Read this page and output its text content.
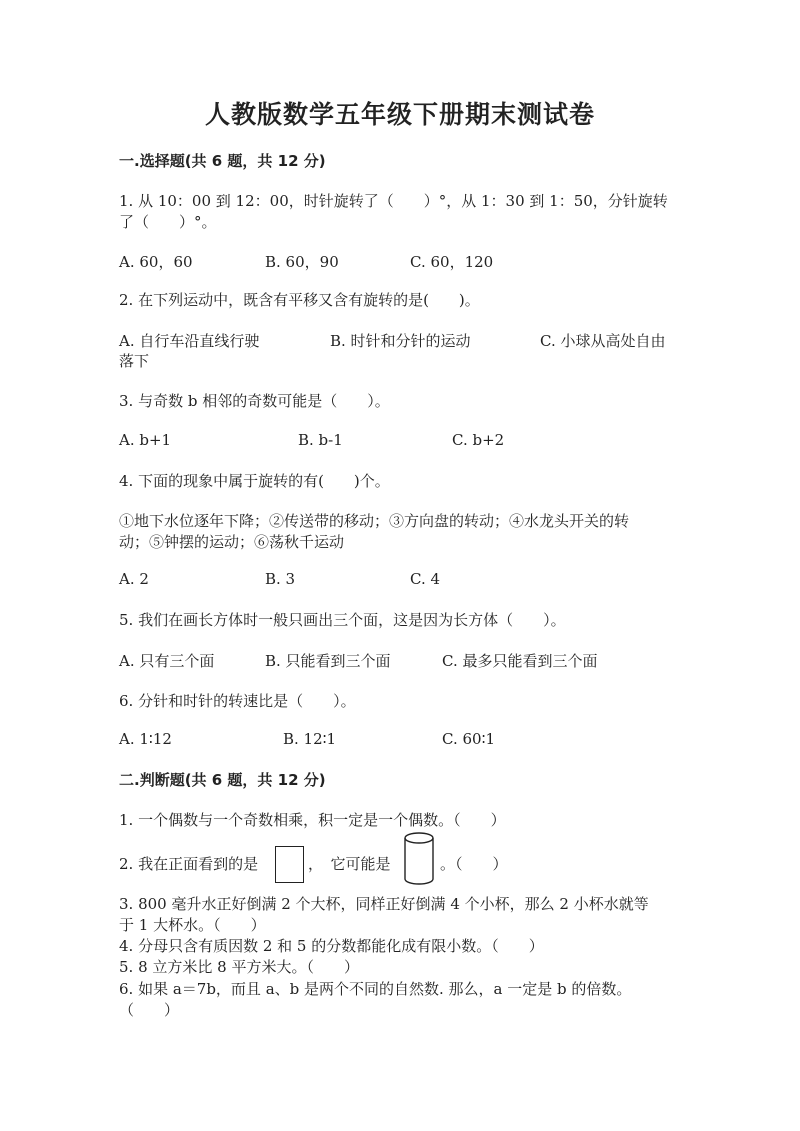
人教版数学五年级下册期末测试卷
一.选择题(共 6 题，共 12 分)
1. 从 10：00 到 12：00，时针旋转了（　　）°，从 1：30 到 1：50，分针旋转
了（　　）°。
A. 60，60	B. 60，90	C. 60，120
2. 在下列运动中，既含有平移又含有旋转的是(　　)。
A. 自行车沿直线行驶	B. 时针和分针的运动	C. 小球从高处自由
落下
3. 与奇数 b 相邻的奇数可能是（　　）。
A. b+1	B. b-1	C. b+2
4. 下面的现象中属于旋转的有(　　)个。
①地下水位逐年下降；②传送带的移动；③方向盘的转动；④水龙头开关的转
动；⑤钟摆的运动；⑥荡秋千运动
A. 2	B. 3	C. 4
5. 我们在画长方体时一般只画出三个面，这是因为长方体（　　）。
A. 只有三个面	B. 只能看到三个面	C. 最多只能看到三个面
6. 分针和时针的转速比是（　　）。
A. 1∶12	B. 12∶1	C. 60∶1
二.判断题(共 6 题，共 12 分)
1. 一个偶数与一个奇数相乘，积一定是一个偶数。（　　）
2. 我在正面看到的是	，　它可能是	。（　　）
3. 800 毫升水正好倒满 2 个大杯，同样正好倒满 4 个小杯，那么 2 小杯水就等
于 1 大杯水。（　　）
4. 分母只含有质因数 2 和 5 的分数都能化成有限小数。（　　）
5. 8 立方米比 8 平方米大。（　　）
6. 如果 a＝7b，而且 a、b 是两个不同的自然数. 那么，a 一定是 b 的倍数。
（　　）
